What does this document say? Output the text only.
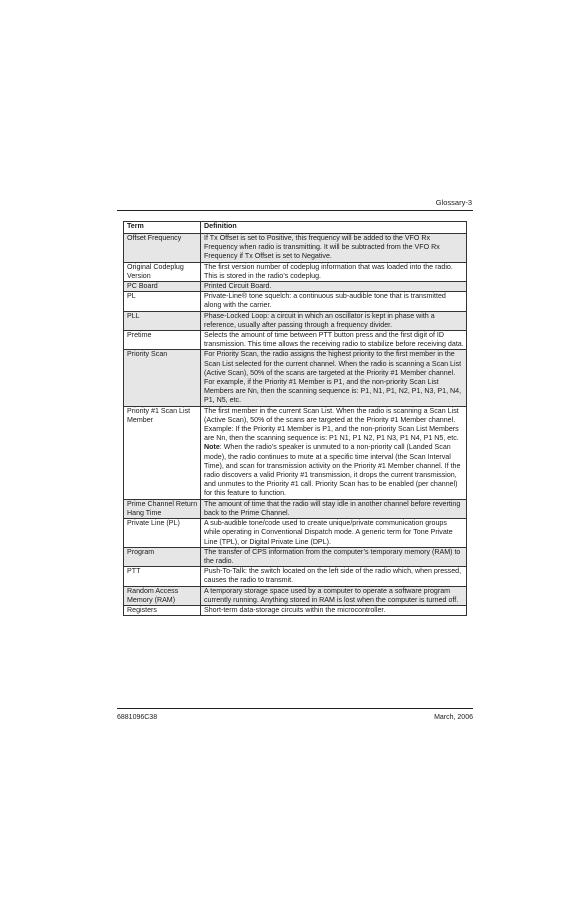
Glossary-3
Term	Definition
Offset Frequency	If Tx Offset is set to Positive, this frequency will be added to the VFO Rx Frequency when radio is transmitting. It will be subtracted from the VFO Rx Frequency if Tx Offset is set to Negative.
Original Codeplug Version	The first version number of codeplug information that was loaded into the radio. This is stored in the radio’s codeplug.
PC Board	Printed Circuit Board.
PL	Private-Line® tone squelch: a continuous sub-audible tone that is transmitted along with the carrier.
PLL	Phase-Locked Loop: a circuit in which an oscillator is kept in phase with a reference, usually after passing through a frequency divider.
Pretime	Selects the amount of time between PTT button press and the first digit of ID transmission. This time allows the receiving radio to stabilize before receiving data.
Priority Scan	For Priority Scan, the radio assigns the highest priority to the first member in the Scan List selected for the current channel. When the radio is scanning a Scan List (Active Scan), 50% of the scans are targeted at the Priority #1 Member channel. For example, if the Priority #1 Member is P1, and the non-priority Scan List Members are Nn, then the scanning sequence is: P1, N1, P1, N2, P1, N3, P1, N4, P1, N5, etc.
Priority #1 Scan List Member	The first member in the current Scan List. When the radio is scanning a Scan List (Active Scan), 50% of the scans are targeted at the Priority #1 Member channel. Example: If the Priority #1 Member is P1, and the non-priority Scan List Members are Nn, then the scanning sequence is: P1 N1, P1 N2, P1 N3, P1 N4, P1 N5, etc.
Note: When the radio’s speaker is unmuted to a non-priority call (Landed Scan mode), the radio continues to mute at a specific time interval (the Scan Interval Time), and scan for transmission activity on the Priority #1 Member channel. If the radio discovers a valid Priority #1 transmission, it drops the current transmission, and unmutes to the Priority #1 call. Priority Scan has to be enabled (per channel) for this feature to function.
Prime Channel Return Hang Time	The amount of time that the radio will stay idle in another channel before reverting back to the Prime Channel.
Private Line (PL)	A sub-audible tone/code used to create unique/private communication groups while operating in Conventional Dispatch mode. A generic term for Tone Private Line (TPL), or Digital Private Line (DPL).
Program	The transfer of CPS information from the computer’s temporary memory (RAM) to the radio.
PTT	Push-To-Talk: the switch located on the left side of the radio which, when pressed, causes the radio to transmit.
Random Access Memory (RAM)	A temporary storage space used by a computer to operate a software program currently running. Anything stored in RAM is lost when the computer is turned off.
Registers	Short-term data-storage circuits within the microcontroller.
6881096C38	March, 2006
